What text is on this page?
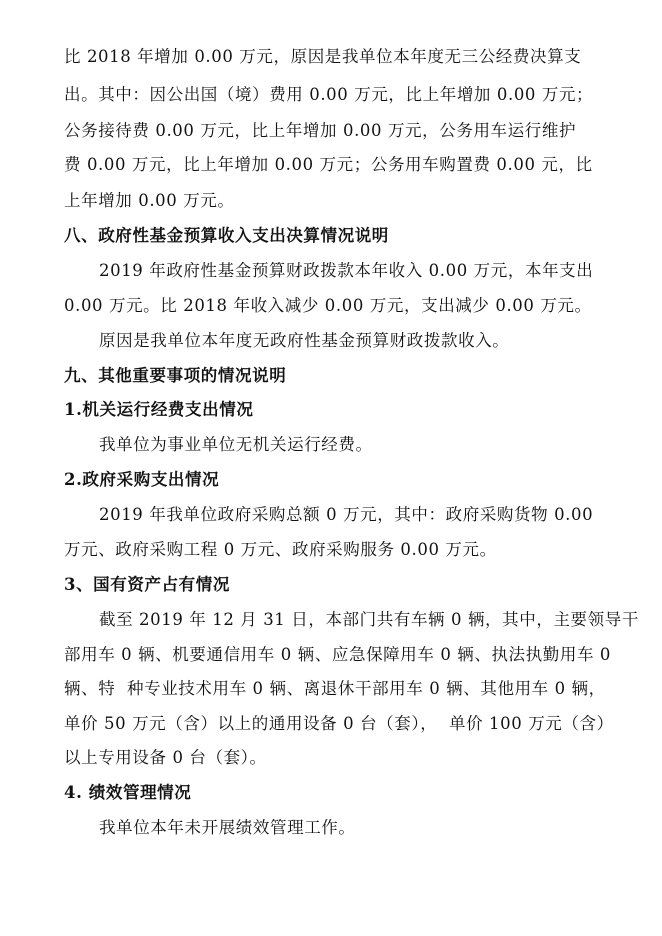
比 2018 年增加 0.00 万元，原因是我单位本年度无三公经费决算支
出。其中：因公出国（境）费用 0.00 万元，比上年增加 0.00 万元；
公务接待费 0.00 万元，比上年增加 0.00 万元，公务用车运行维护
费 0.00 万元，比上年增加 0.00 万元；公务用车购置费 0.00 元，比
上年增加 0.00 万元。
八、政府性基金预算收入支出决算情况说明
2019 年政府性基金预算财政拨款本年收入 0.00 万元，本年支出
0.00 万元。比 2018 年收入减少 0.00 万元，支出减少 0.00 万元。
原因是我单位本年度无政府性基金预算财政拨款收入。
九、其他重要事项的情况说明
1.机关运行经费支出情况
我单位为事业单位无机关运行经费。
2.政府采购支出情况
2019 年我单位政府采购总额 0 万元，其中：政府采购货物 0.00
万元、政府采购工程 0 万元、政府采购服务 0.00 万元。
3、国有资产占有情况
截至 2019 年 12 月 31 日，本部门共有车辆 0 辆，其中，主要领导干
部用车 0 辆、机要通信用车 0 辆、应急保障用车 0 辆、执法执勤用车 0
辆、特  种专业技术用车 0 辆、离退休干部用车 0 辆、其他用车 0 辆，
单价 50 万元（含）以上的通用设备 0 台（套），  单价 100 万元（含）
以上专用设备 0 台（套）。
4. 绩效管理情况
我单位本年未开展绩效管理工作。
